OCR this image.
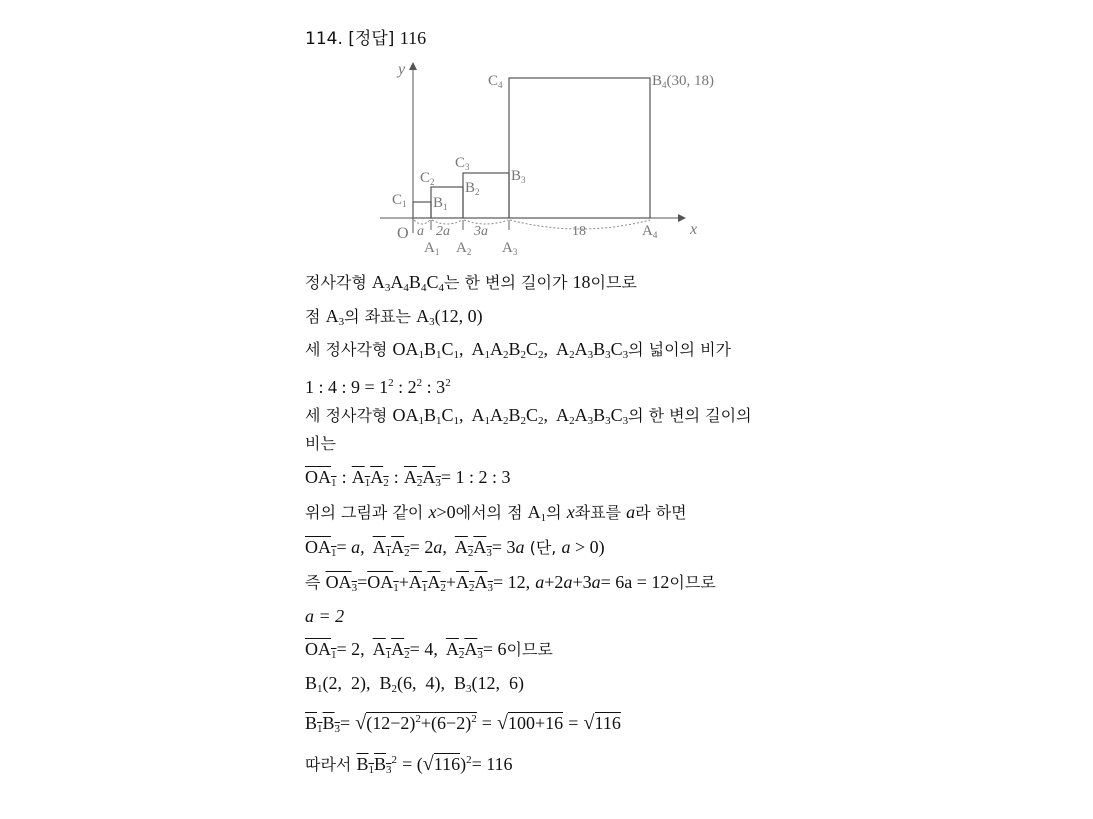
114. [정답] 116
y
x
O
$C_1$
$C_2$
$C_3$
$C_4$
$B_1$
$B_2$
$B_3$
$B_4(30$, 18)
a 2a 3a	18
$A_1$ $A_2$ $A_3$
$A_4$
정사각형 $A_3A_4B_4C_4$는 한 변의 길이가 18이므로
점 $A_3$의 좌표는 $A_3(12$, 0)
세 정사각형 $OA_1B_1C_1$,  $A_1A_2B_2C_2$,  $A_2A_3B_3C_3$의 넓이의 비가
1 : 4 : $9 = 1^2$ : $2^2$ : $3^2$
세 정사각형 $OA_1B_1C_1$,  $A_1A_2B_2C_2$,  $A_2A_3B_3C_3$의 한 변의 길이의
비는
$OA_1$ : $A_1A_2$ : $A_2A_3= 1$ : 2 : 3
위의 그림과 같이 x>0에서의 점 $A_1$의 x좌표를 a라 하면
$OA_1= a$,  $A_1A_2= 2a$,  $A_2A_3= 3a$ (단, a > 0)
즉 $OA_3=OA_1+A_1A_2+A_2A_3= 12$, a+2a+3a= 6a = 12이므로
a = 2
$OA_1= 2$,  $A_1A_2= 4$,  $A_2A_3= 6$이므로
$B_1(2$,  2),  $B_2(6$,  4),  $B_3(12$,  6)
$B_1B_3= √(12-2)^2+(6-2)^2 = √100+16 = √116$
따라서 $B_1B_3^2 = (√116)^2= 116$
